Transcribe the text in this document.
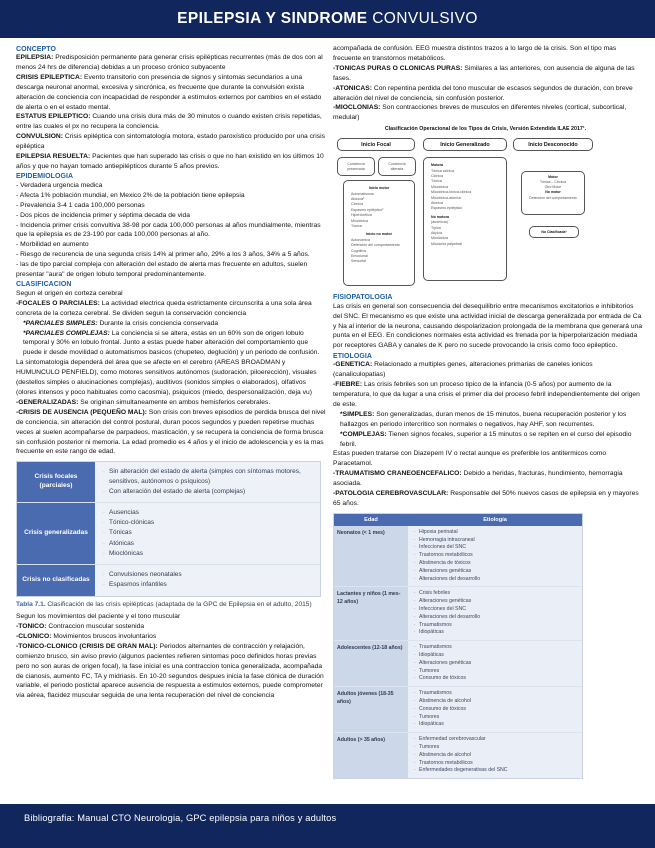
EPILEPSIA Y SINDROME CONVULSIVO
CONCEPTO

EPILEPSIA: Predisposición permanente para generar crisis epilépticas recurrentes (más de dos con al menos 24 hrs de diferencia) debidas a un proceso crónico subyacente

CRISIS EPILEPTICA: Evento transitorio con presencia de signos y síntomas secundarios a una descarga neuronal anormal, excesiva y sincrónica, es frecuente que durante la convulsión exista alteración de conciencia con incapacidad de responder a estímulos externos por cambios en el estado de alerta o en el estado mental.

ESTATUS EPILEPTICO: Cuando una crisis dura más de 30 minutos o cuando existen crisis repetidas, entre las cuales el px no recupera la conciencia.

CONVULSION: Crisis epiléptica con sintomatología motora, estado paroxístico producido por una crisis epiléptica

EPILEPSIA RESUELTA: Pacientes que han superado las crisis o que no han existido en los últimos 10 años y que no hayan tomado antiepilépticos durante 5 años previos.

EPIDEMIOLOGIA

- Verdadera urgencia medica

- Afecta 1% población mundial, en Mexico 2% de la población tiene epilepsia

- Prevalencia 3-4 1 cada 100,000 personas

- Dos picos de incidencia primer y séptima decada de vida

- Incidencia primer crisis convultiva 38-98 por cada 100,000 personas al años mundialmente, mientras que la epilepsia es de 23-190 por cada 100,000 personas al año.

- Morbilidad en aumento

- Riesgo de recurencia de una segunda crisis 14% al primer año, 29% a los 3 años, 34% a 5 años.

- las de tipo parcial compleja con alteración del estado de alerta mas frecuente en adultos, suelen presentar "aura" de origen lobulo temporal predominantemente.

CLASIFICACION

Segun el origen en corteza cerebral

-FOCALES O PARCIALES: La actividad electrica queda estrictamente circunscrita a una sola área concreta de la corteza cerebral. Se dividen segun la conservación conciencia

*PARCIALES SIMPLES: Durante la crisis conciencia conservada

*PARCIALES COMPLEJAS: La conciencia si se altera, estas en un 60% son de origen lobulo temporal y 30% en lobulo frontal. Junto a estas puede haber alteración del comportamiento que puede ir desde movilidad o automatismos basicos (chupeteo, deglución) y un periodo de confusión.

La sintomatologia dependerá del área que se afecte en el cerebro (AREAS BROADMAN y HUMUNCULO PENFIELD), como motores sensitivos autónomos (sudoración, piloerección), visuales (destellos simples o alucinaciones complejas), auditivos (sonidos simples o elaborados), olfativos (olores intensos y poco habituales como cacosmia), psiquicos (miedo, despersonalización, deja vu)

-GENERALIZADAS: Se originan simultaneamente en ambos hemisferios cerebrales.

-CRISIS DE AUSENCIA (PEQUEÑO MAL): Son crisis con breves episodios de perdida brusca del nivel de conciencia, sin alteración del control postural, duran pocos segundos y pueden repetirse muchas veces al suelen acompañarse de parpadeos, masticación, y se recupera la conciencia de forma brusca sin confusión posterior ni memoria. La edad promedio es 4 años y el inicio de adolescencia y es la mas frecuente en este rango de edad.

Crisis focales (parciales)
· Sin alteración del estado de alerta (simples con síntomas motores, sensitivos, autónomos o psíquicos)
· Con alteración del estado de alerta (complejas)
Crisis generalizadas
· Ausencias
· Tónico-clónicas
· Tónicas
· Atónicas
· Mioclónicas
Crisis no clasificadas
· Convulsiones neonatales
· Espasmos infantiles
Tabla 7.1. Clasificación de las crisis epilépticas (adaptada de la GPC de Epilepsia en el adulto, 2015)

Segun los movimientos del paciente y el tono muscular

-TONICO: Contraccion muscular sostenida

-CLONICO: Movimientos bruscos involuntarios

-TONICO-CLONICO (CRISIS DE GRAN MAL): Periodos alternantes de contracción y relajación, comienzo brusco, sin aviso previo (algunos pacientes refieren sintomas poco definidos horas previas pero no son auras de origen focal), la fase inicial es una contraccion tonica generalizada, acompañada de cianosis, aumento FC, TA y midriasis. En 10-20 segundos despues inicia la fase clónica de duración variable, el periodo postictal aparece ausencia de respuesta a estimulos externos, puede comprometer via aérea, flacidez muscular seguida de una lenta recuperación del nivel de conciencia

acompañada de confusión. EEG muestra distintos trazos a lo largo de la crisis. Son el tipo mas frecuente en transtornos metabólicos.

-TONICAS PURAS O CLONICAS PURAS: Similares a las anteriores, con ausencia de alguna de las fases.

-ATONICAS: Con repentina perdida del tono muscular de escasos segundos de duración, con breve alteración del nivel de conciencia, sin confusión posterior.

-MIOCLONIAS: Son contracciones breves de musculos en diferentes niveles (cortical, subcortical, medular)

Clasificación Operacional de los Tipos de Crisis, Versión Extendida ILAE 2017¹.
Inicio Focal	Inicio Generalizado	Inicio Desconocido
Conciencia preservada
Conciencia alterada
Inicio motor
Automatismos
Atónica²
Clónica
Espasmo epiléptico²
Hipercinética
Mioclónica
Tónica
Inicio no motor
Autonómica
Detención del comportamiento
Cognitiva
Emocional
Sensorial
Motora
Tónica clónica
Clónica
Tónica
Mioclónica
Mioclónica-tónica-clónica
Mioclónica-atónica
Atónica
Espasmo epiléptico
No motora
(ausencia)
Típica
Atípica
Mioclónica
Mioclonia palpebral
Motor
Tónica – Clónica
Otro Motor
No motor
Detención del comportamiento
No Clasificada³
FISIOPATOLOGIA

Las crisis en general son consecuencia del desequilibrio entre mecanismos excitatorios e inhibitorios del SNC. El mecanismo es que existe una actividad inicial de descarga generalizada por entrada de Ca y Na al interior de la neurona, causando despolarizacion prolongada de la membrana que generará una punta en el EEG. En condiciones normales esta actividad es frenada por la hiperpolarización mediada por receptores GABA y canales de K pero no sucede provocando la crisis como foco epileptico.

ETIOLOGIA

-GENETICA: Relacionado a multiples genes, alteraciones primarias de caneles ionicos (canaliculopatias)

-FIEBRE: Las crisis febriles son un proceso tipico de la infancia (0-5 años) por aumento de la temperatura, lo que da lugar a una crisis el primer dia del proceso febril independientemente del origen de este.

*SIMPLES: Son generalizadas, duran menos de 15 minutos, buena recuperación posterior y los hallazgos en periodo intercritico son normales o negativos, hay AHF, son recurrentes.

*COMPLEJAS: Tienen signos focales, superior a 15 minutos o se repiten en el curso del episodio febril.

Estas pueden tratarse con Diazepem IV o rectal aunque es preferible los antitermicos como Paracetamol.

-TRAUMATISMO CRANEOENCEFALICO: Debido a heridas, fracturas, hundimiento, hemorragia asociada.

-PATOLOGIA CEREBROVASCULAR: Responsable del 50% nuevos casos de epilepsia en y mayores 65 años.

Edad	Etiología
Neonatos (< 1 mes)	- Hipoxia perinatal
- Hemorragia intracraneal
- Infecciones del SNC
- Trastornos metabólicos
- Abstinencia de tóxicos
- Alteraciones genéticas
- Alteraciones del desarrollo
Lactantes y niños (1 mes-12 años)
- Crisis febriles
- Alteraciones genéticas
- Infecciones del SNC
- Alteraciones del desarrollo
- Traumatismos
- Idiopáticas
Adolescentes (12-18 años)	- Traumatismos
- Idiopáticas
- Alteraciones genéticas
- Tumores
- Consumo de tóxicos
Adultos jóvenes (18-35 años)
- Traumatismos
- Abstinencia de alcohol
- Consumo de tóxicos
- Tumores
- Idiopáticas
Adultos (> 35 años)	- Enfermedad cerebrovascular
- Tumores
- Abstinencia de alcohol
- Trastornos metabólicos
- Enfermedades degenerativas del SNC
Bibliografia: Manual CTO Neurologia, GPC epilepsia para niños y adultos
